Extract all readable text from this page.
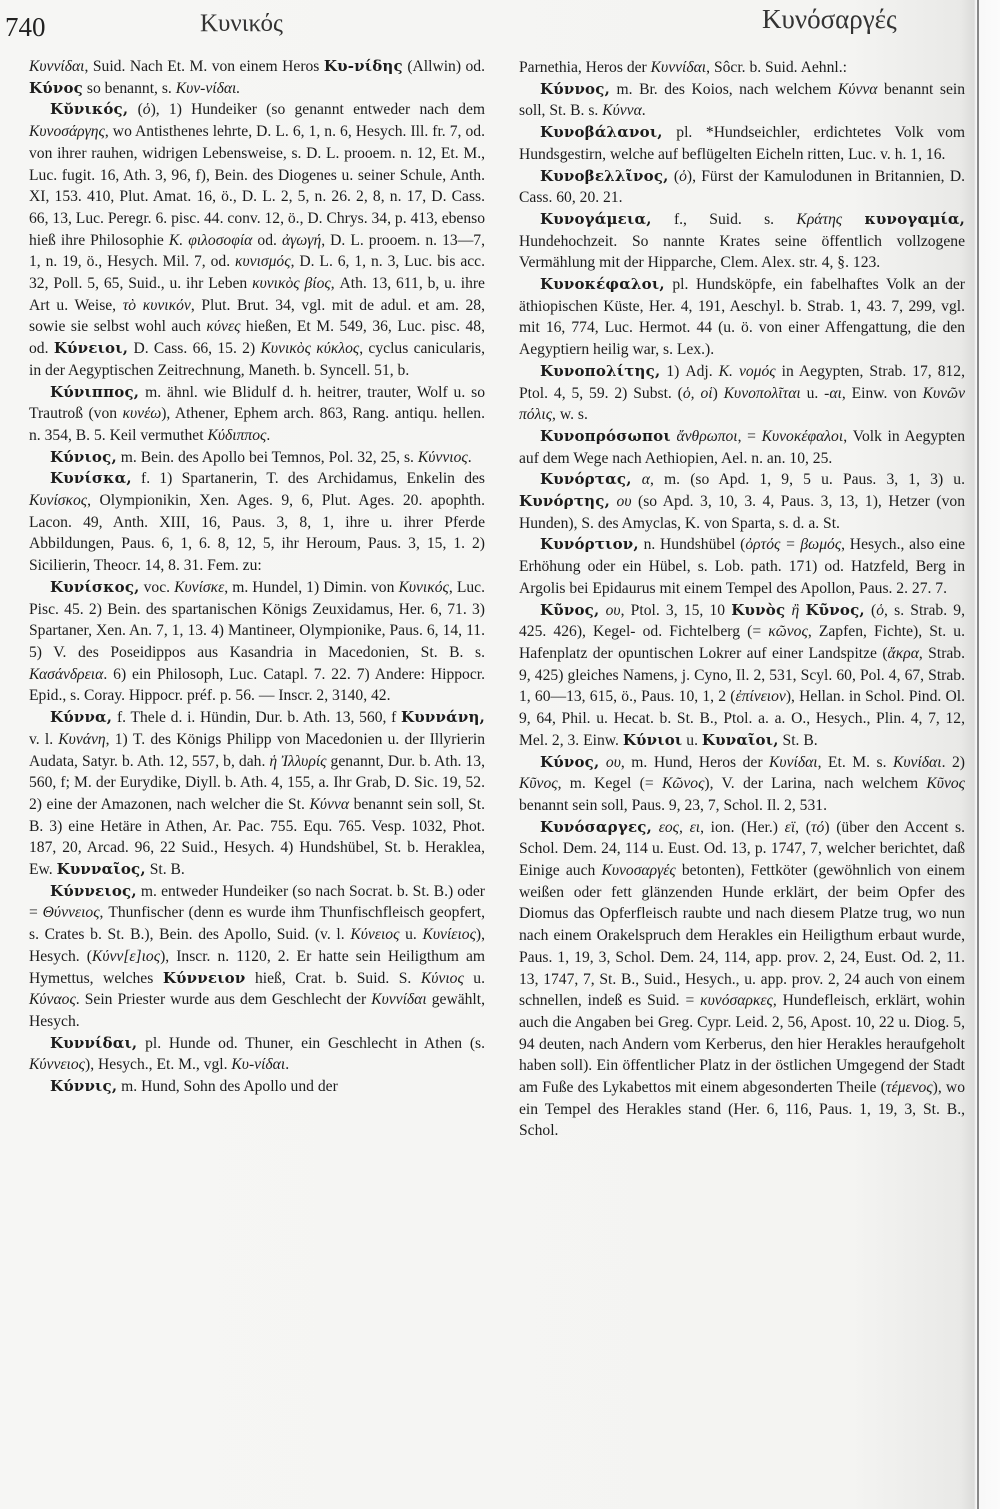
740	Κυνικός	Κυνόσαργές

Κυννίδαι, Suid. Nach Et. M. von einem Heros Κυ-νίδης (Allwin) od. Κύνος so benannt, s. Κυν-νίδαι.

Κῠνικός, (ὁ), 1) Hundeiker (so genannt entweder nach dem Κυνοσάργης, wo Antisthenes lehrte, D. L. 6, 1, n. 6, Hesych. Ill. fr. 7, od. von ihrer rauhen, widrigen Lebensweise, s. D. L. prooem. n. 12, Et. M., Luc. fugit. 16, Ath. 3, 96, f), Bein. des Diogenes u. seiner Schule, Anth. XI, 153. 410, Plut. Amat. 16, ö., D. L. 2, 5, n. 26. 2, 8, n. 17, D. Cass. 66, 13, Luc. Peregr. 6. pisc. 44. conv. 12, ö., D. Chrys. 34, p. 413, ebenso hieß ihre Philosophie K. φιλοσοφία od. ἀγωγή, D. L. prooem. n. 13—7, 1, n. 19, ö., Hesych. Mil. 7, od. κυνισμός, D. L. 6, 1, n. 3, Luc. bis acc. 32, Poll. 5, 65, Suid., u. ihr Leben κυνικὸς βίος, Ath. 13, 611, b, u. ihre Art u. Weise, τὸ κυνικόν, Plut. Brut. 34, vgl. mit de adul. et am. 28, sowie sie selbst wohl auch κύνες hießen, Et M. 549, 36, Luc. pisc. 48, od. Κύνειοι, D. Cass. 66, 15. 2) Κυνικὸς κύκλος, cyclus canicularis, in der Aegyptischen Zeitrechnung, Maneth. b. Syncell. 51, b.

Κύνιππος, m. ähnl. wie Blidulf d. h. heitrer, trauter, Wolf u. so Trautroß (von κυνέω), Athener, Ephem arch. 863, Rang. antiqu. hellen. n. 354, B. 5. Keil vermuthet Κύδιππος.

Κύνιος, m. Bein. des Apollo bei Temnos, Pol. 32, 25, s. Κύννιος.

Κυνίσκα, f. 1) Spartanerin, T. des Archidamus, Enkelin des Κυνίσκος, Olympionikin, Xen. Ages. 9, 6, Plut. Ages. 20. apophth. Lacon. 49, Anth. XIII, 16, Paus. 3, 8, 1, ihre u. ihrer Pferde Abbildungen, Paus. 6, 1, 6. 8, 12, 5, ihr Heroum, Paus. 3, 15, 1. 2) Sicilierin, Theocr. 14, 8. 31. Fem. zu:

Κυνίσκος, voc. Κυνίσκε, m. Hundel, 1) Dimin. von Κυνικός, Luc. Pisc. 45. 2) Bein. des spartanischen Königs Zeuxidamus, Her. 6, 71. 3) Spartaner, Xen. An. 7, 1, 13. 4) Mantineer, Olympionike, Paus. 6, 14, 11. 5) V. des Poseidippos aus Kasandria in Macedonien, St. B. s. Κασάνδρεια. 6) ein Philosoph, Luc. Catapl. 7. 22. 7) Andere: Hippocr. Epid., s. Coray. Hippocr. préf. p. 56. — Inscr. 2, 3140, 42.

Κύννα, f. Thele d. i. Hündin, Dur. b. Ath. 13, 560, f Κυννάνη, v. l. Κυνάνη, 1) T. des Königs Philipp von Macedonien u. der Illyrierin Audata, Satyr. b. Ath. 12, 557, b, dah. ἡ Ἰλλυρίς genannt, Dur. b. Ath. 13, 560, f; M. der Eurydike, Diyll. b. Ath. 4, 155, a. Ihr Grab, D. Sic. 19, 52. 2) eine der Amazonen, nach welcher die St. Κύννα benannt sein soll, St. B. 3) eine Hetäre in Athen, Ar. Pac. 755. Equ. 765. Vesp. 1032, Phot. 187, 20, Arcad. 96, 22 Suid., Hesych. 4) Hundshübel, St. b. Heraklea, Ew. Κυνναῖος, St. B.

Κύννειος, m. entweder Hundeiker (so nach Socrat. b. St. B.) oder = Θύννειος, Thunfischer (denn es wurde ihm Thunfischfleisch geopfert, s. Crates b. St. B.), Bein. des Apollo, Suid. (v. l. Κύνειος u. Κυνίειος), Hesych. (Κύνν[ε]ιος), Inscr. n. 1120, 2. Er hatte sein Heiligthum am Hymettus, welches Κύννειον hieß, Crat. b. Suid. S. Κύνιος u. Κύναος. Sein Priester wurde aus dem Geschlecht der Κυννίδαι gewählt, Hesych.

Κυννίδαι, pl. Hunde od. Thuner, ein Geschlecht in Athen (s. Κύννειος), Hesych., Et. M., vgl. Κυ-νίδαι.

Κύννις, m. Hund, Sohn des Apollo und der

Parnethia, Heros der Κυννίδαι, Sôcr. b. Suid. Aehnl.:

Κύννος, m. Br. des Koios, nach welchem Κύννα benannt sein soll, St. B. s. Κύννα.

Κυνοβάλανοι, pl. *Hundseichler, erdichtetes Volk vom Hundsgestirn, welche auf beflügelten Eicheln ritten, Luc. v. h. 1, 16.

Κυνοβελλῖνος, (ὁ), Fürst der Kamulodunen in Britannien, D. Cass. 60, 20. 21.

Κυνογάμεια, f., Suid. s. Κράτης κυνογαμία, Hundehochzeit. So nannte Krates seine öffentlich vollzogene Vermählung mit der Hipparche, Clem. Alex. str. 4, §. 123.

Κυνοκέφαλοι, pl. Hundsköpfe, ein fabelhaftes Volk an der äthiopischen Küste, Her. 4, 191, Aeschyl. b. Strab. 1, 43. 7, 299, vgl. mit 16, 774, Luc. Hermot. 44 (u. ö. von einer Affengattung, die den Aegyptiern heilig war, s. Lex.).

Κυνοπολίτης, 1) Adj. K. νομός in Aegypten, Strab. 17, 812, Ptol. 4, 5, 59. 2) Subst. (ὁ, οἱ) Κυνοπολῖται u. -αι, Einw. von Κυνῶν πόλις, w. s.

Κυνοπρόσωποι ἄνθρωποι, = Κυνοκέφαλοι, Volk in Aegypten auf dem Wege nach Aethiopien, Ael. n. an. 10, 25.

Κυνόρτας, α, m. (so Apd. 1, 9, 5 u. Paus. 3, 1, 3) u. Κυνόρτης, ου (so Apd. 3, 10, 3. 4, Paus. 3, 13, 1), Hetzer (von Hunden), S. des Amyclas, K. von Sparta, s. d. a. St.

Κυνόρτιον, n. Hundshübel (ὀρτός = βωμός, Hesych., also eine Erhöhung oder ein Hübel, s. Lob. path. 171) od. Hatzfeld, Berg in Argolis bei Epidaurus mit einem Tempel des Apollon, Paus. 2. 27. 7.

Κῦνος, ου, Ptol. 3, 15, 10 Κυνὸς ἢ Κῦνος, (ὁ, s. Strab. 9, 425. 426), Kegel- od. Fichtelberg (= κῶνος, Zapfen, Fichte), St. u. Hafenplatz der opuntischen Lokrer auf einer Landspitze (ἄκρα, Strab. 9, 425) gleiches Namens, j. Cyno, Il. 2, 531, Scyl. 60, Pol. 4, 67, Strab. 1, 60—13, 615, ö., Paus. 10, 1, 2 (ἐπίνειον), Hellan. in Schol. Pind. Ol. 9, 64, Phil. u. Hecat. b. St. B., Ptol. a. a. O., Hesych., Plin. 4, 7, 12, Mel. 2, 3. Einw. Κύνιοι u. Κυναῖοι, St. B.

Κύνος, ου, m. Hund, Heros der Κυνίδαι, Et. M. s. Κυνίδαι. 2) Κῦνος, m. Kegel (= Κῶνος), V. der Larina, nach welchem Κῦνος benannt sein soll, Paus. 9, 23, 7, Schol. Il. 2, 531.

Κυνόσαργες, εος, ει, ion. (Her.) εϊ, (τό) (über den Accent s. Schol. Dem. 24, 114 u. Eust. Od. 13, p. 1747, 7, welcher berichtet, daß Einige auch Κυνοσαργές betonten), Fettköter (gewöhnlich von einem weißen oder fett glänzenden Hunde erklärt, der beim Opfer des Diomus das Opferfleisch raubte und nach diesem Platze trug, wo nun nach einem Orakelspruch dem Herakles ein Heiligthum erbaut wurde, Paus. 1, 19, 3, Schol. Dem. 24, 114, app. prov. 2, 24, Eust. Od. 2, 11. 13, 1747, 7, St. B., Suid., Hesych., u. app. prov. 2, 24 auch von einem schnellen, indeß es Suid. = κυνόσαρκες, Hundefleisch, erklärt, wohin auch die Angaben bei Greg. Cypr. Leid. 2, 56, Apost. 10, 22 u. Diog. 5, 94 deuten, nach Andern vom Kerberus, den hier Herakles heraufgeholt haben soll). Ein öffentlicher Platz in der östlichen Umgegend der Stadt am Fuße des Lykabettos mit einem abgesonderten Theile (τέμενος), wo ein Tempel des Herakles stand (Her. 6, 116, Paus. 1, 19, 3, St. B., Schol.
